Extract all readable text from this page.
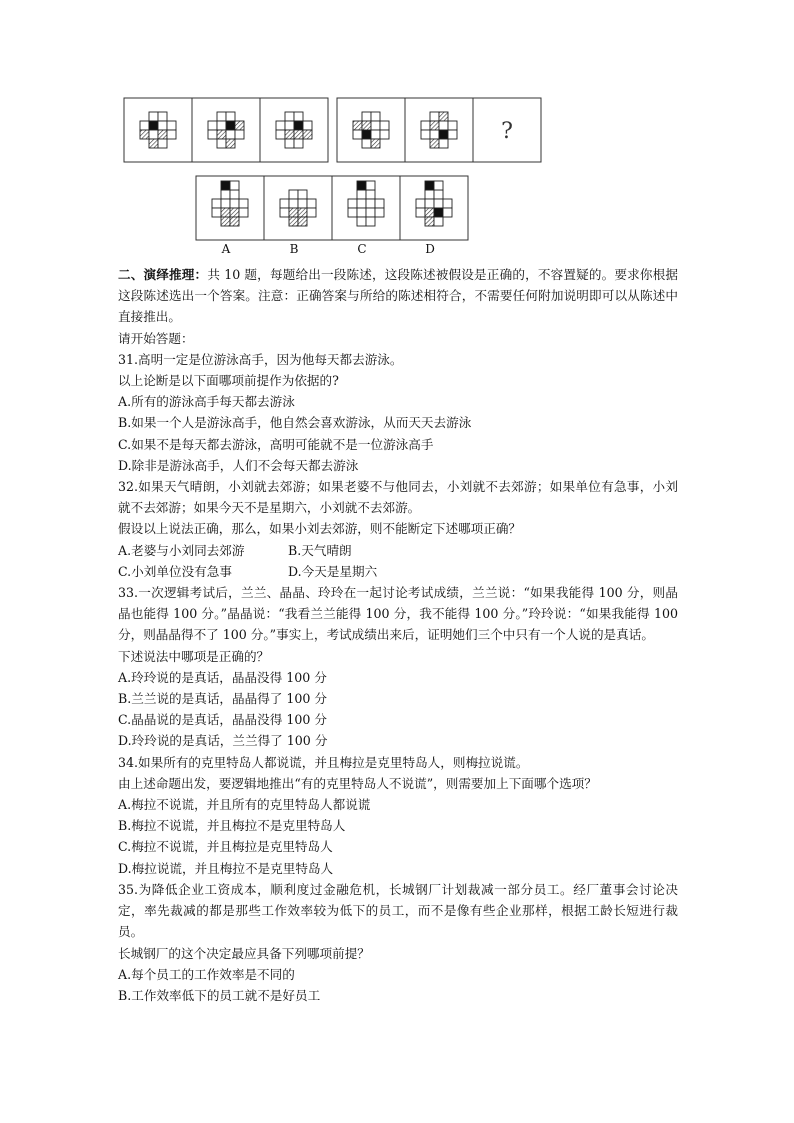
?
A	B	C	D

二、演绎推理：共 10 题，每题给出一段陈述，这段陈述被假设是正确的，不容置疑的。要求你根据这段陈述选出一个答案。注意：正确答案与所给的陈述相符合，不需要任何附加说明即可以从陈述中直接推出。

请开始答题：

31.高明一定是位游泳高手，因为他每天都去游泳。

以上论断是以下面哪项前提作为依据的?

A.所有的游泳高手每天都去游泳

B.如果一个人是游泳高手，他自然会喜欢游泳，从而天天去游泳

C.如果不是每天都去游泳，高明可能就不是一位游泳高手

D.除非是游泳高手，人们不会每天都去游泳

32.如果天气晴朗，小刘就去郊游；如果老婆不与他同去，小刘就不去郊游；如果单位有急事，小刘就不去郊游；如果今天不是星期六，小刘就不去郊游。

假设以上说法正确，那么，如果小刘去郊游，则不能断定下述哪项正确？

A.老婆与小刘同去郊游	B.天气晴朗

C.小刘单位没有急事	D.今天是星期六

33.一次逻辑考试后，兰兰、晶晶、玲玲在一起讨论考试成绩，兰兰说：“如果我能得 100 分，则晶晶也能得 100 分。”晶晶说：“我看兰兰能得 100 分，我不能得 100 分。”玲玲说：“如果我能得 100 分，则晶晶得不了 100 分。”事实上，考试成绩出来后，证明她们三个中只有一个人说的是真话。

下述说法中哪项是正确的？

A.玲玲说的是真话，晶晶没得 100 分

B.兰兰说的是真话，晶晶得了 100 分

C.晶晶说的是真话，晶晶没得 100 分

D.玲玲说的是真话，兰兰得了 100 分

34.如果所有的克里特岛人都说谎，并且梅拉是克里特岛人，则梅拉说谎。

由上述命题出发，要逻辑地推出“有的克里特岛人不说谎”，则需要加上下面哪个选项？

A.梅拉不说谎，并且所有的克里特岛人都说谎

B.梅拉不说谎，并且梅拉不是克里特岛人

C.梅拉不说谎，并且梅拉是克里特岛人

D.梅拉说谎，并且梅拉不是克里特岛人

35.为降低企业工资成本，顺利度过金融危机，长城钢厂计划裁减一部分员工。经厂董事会讨论决定，率先裁减的都是那些工作效率较为低下的员工，而不是像有些企业那样，根据工龄长短进行裁员。

长城钢厂的这个决定最应具备下列哪项前提？

A.每个员工的工作效率是不同的

B.工作效率低下的员工就不是好员工
